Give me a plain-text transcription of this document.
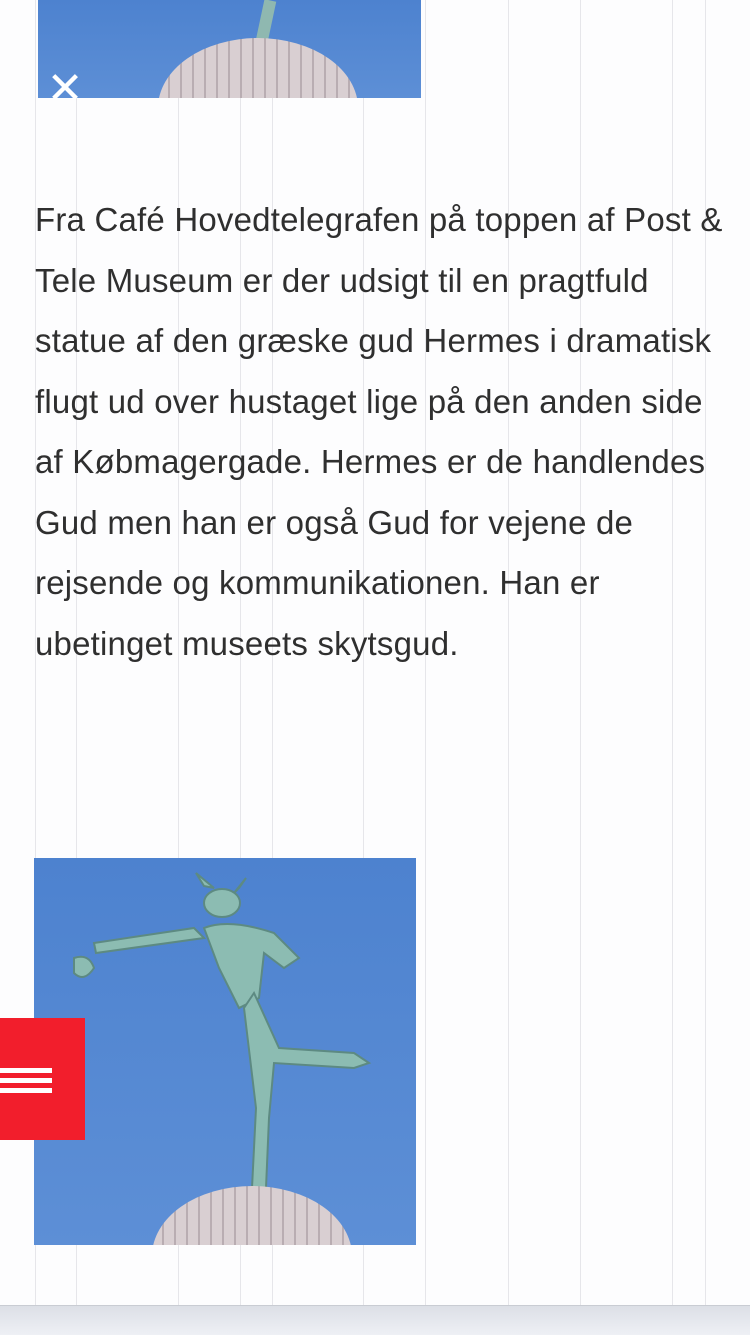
✕
Fra Café Hovedtelegrafen på toppen af Post & Tele Museum er der udsigt til en pragtfuld statue af den græske gud Hermes i dramatisk flugt ud over hustaget lige på den anden side af Købmagergade. Hermes er de handlendes Gud men han er også Gud for vejene de rejsende og kommunikationen. Han er ubetinget museets skytsgud.
